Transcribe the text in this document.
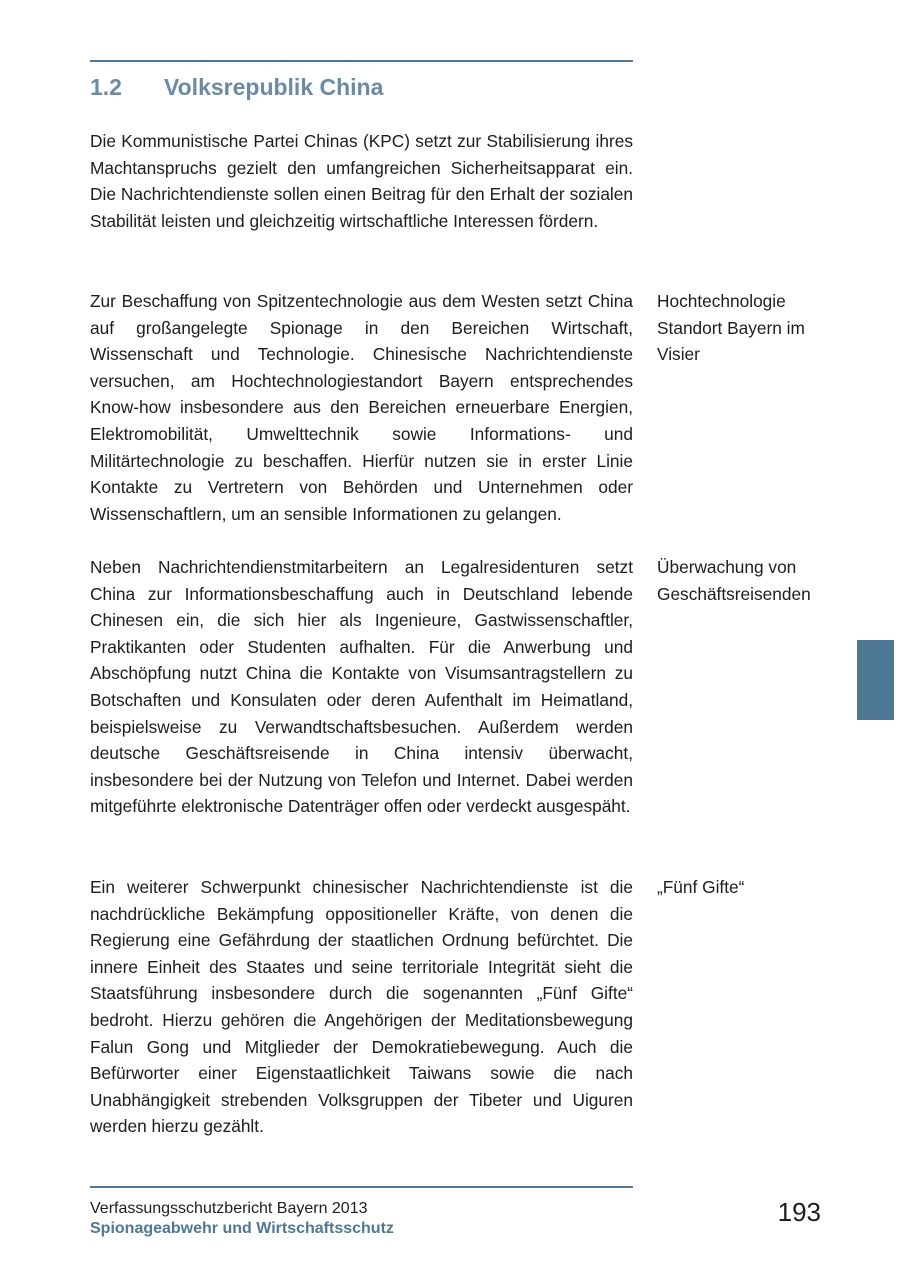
1.2 Volksrepublik China

Die Kommunistische Partei Chinas (KPC) setzt zur Stabilisierung ihres Machtanspruchs gezielt den umfangreichen Sicherheitsapparat ein. Die Nachrichtendienste sollen einen Beitrag für den Erhalt der sozialen Stabilität leisten und gleichzeitig wirtschaftliche Interessen fördern.

Zur Beschaffung von Spitzentechnologie aus dem Westen setzt China auf großangelegte Spionage in den Bereichen Wirtschaft, Wissenschaft und Technologie. Chinesische Nachrichtendienste versuchen, am Hochtechnologiestandort Bayern entsprechendes Know-how insbesondere aus den Bereichen erneuerbare Energien, Elektromobilität, Umwelttechnik sowie Informations- und Militärtechnologie zu beschaffen. Hierfür nutzen sie in erster Linie Kontakte zu Vertretern von Behörden und Unternehmen oder Wissenschaftlern, um an sensible Informationen zu gelangen.

Hochtechnologie Standort Bayern im Visier

Neben Nachrichtendienstmitarbeitern an Legalresidenturen setzt China zur Informationsbeschaffung auch in Deutschland lebende Chinesen ein, die sich hier als Ingenieure, Gastwissenschaftler, Praktikanten oder Studenten aufhalten. Für die Anwerbung und Abschöpfung nutzt China die Kontakte von Visumsantragstellern zu Botschaften und Konsulaten oder deren Aufenthalt im Heimatland, beispielsweise zu Verwandtschaftsbesuchen. Außerdem werden deutsche Geschäftsreisende in China intensiv überwacht, insbesondere bei der Nutzung von Telefon und Internet. Dabei werden mitgeführte elektronische Datenträger offen oder verdeckt ausgespäht.

Überwachung von Geschäftsreisenden

Ein weiterer Schwerpunkt chinesischer Nachrichtendienste ist die nachdrückliche Bekämpfung oppositioneller Kräfte, von denen die Regierung eine Gefährdung der staatlichen Ordnung befürchtet. Die innere Einheit des Staates und seine territoriale Integrität sieht die Staatsführung insbesondere durch die sogenannten „Fünf Gifte“ bedroht. Hierzu gehören die Angehörigen der Meditationsbewegung Falun Gong und Mitglieder der Demokratiebewegung. Auch die Befürworter einer Eigenstaatlichkeit Taiwans sowie die nach Unabhängigkeit strebenden Volksgruppen der Tibeter und Uiguren werden hierzu gezählt.

„Fünf Gifte“

Verfassungsschutzbericht Bayern 2013

Spionageabwehr und Wirtschaftsschutz

193
